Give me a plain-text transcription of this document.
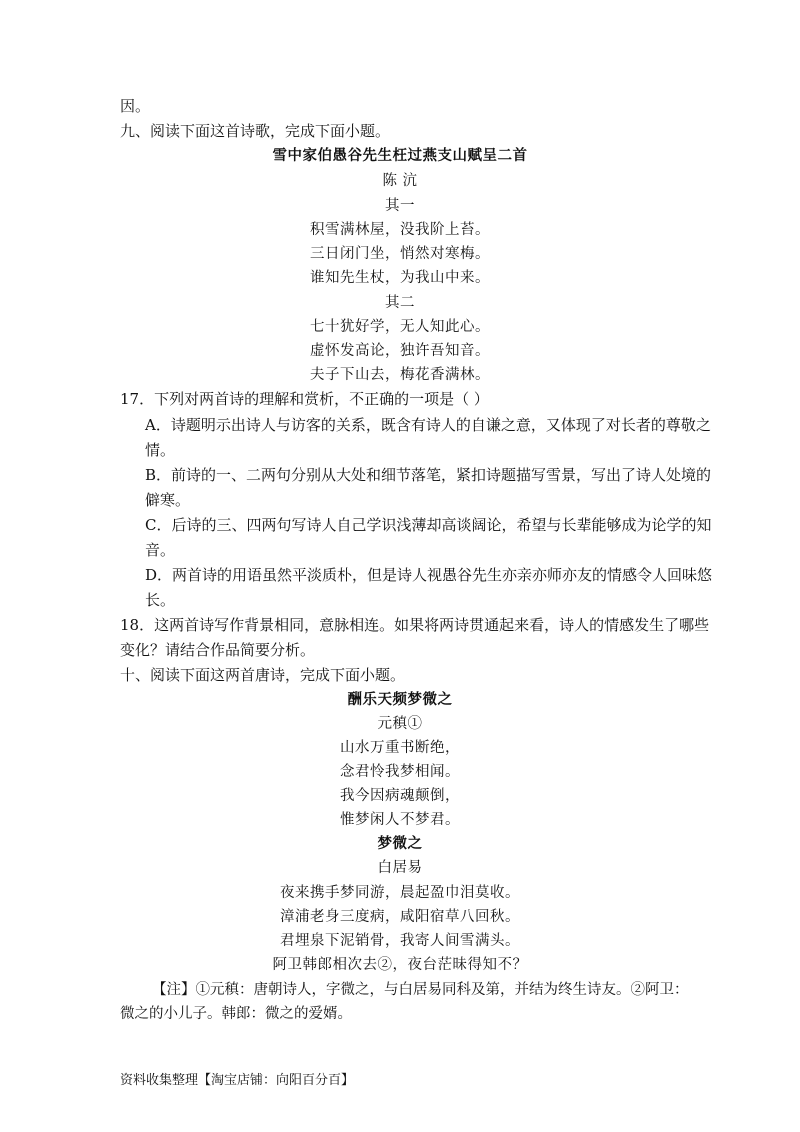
因。
九、阅读下面这首诗歌，完成下面小题。
雪中家伯愚谷先生枉过燕支山赋呈二首
陈 沆
其一
积雪满林屋，没我阶上苔。
三日闭门坐，悄然对寒梅。
谁知先生杖，为我山中来。
其二
七十犹好学，无人知此心。
虚怀发高论，独许吾知音。
夫子下山去，梅花香满林。
17．下列对两首诗的理解和赏析，不正确的一项是（ ）
A．诗题明示出诗人与访客的关系，既含有诗人的自谦之意，又体现了对长者的尊敬之
情。
B．前诗的一、二两句分别从大处和细节落笔，紧扣诗题描写雪景，写出了诗人处境的
僻寒。
C．后诗的三、四两句写诗人自己学识浅薄却高谈阔论，希望与长辈能够成为论学的知
音。
D．两首诗的用语虽然平淡质朴，但是诗人视愚谷先生亦亲亦师亦友的情感令人回味悠
长。
18．这两首诗写作背景相同，意脉相连。如果将两诗贯通起来看，诗人的情感发生了哪些
变化？请结合作品简要分析。
十、阅读下面这两首唐诗，完成下面小题。
酬乐天频梦微之
元稹①
山水万重书断绝，
念君怜我梦相闻。
我今因病魂颠倒，
惟梦闲人不梦君。
梦微之
白居易
夜来携手梦同游，晨起盈巾泪莫收。
漳浦老身三度病，咸阳宿草八回秋。
君埋泉下泥销骨，我寄人间雪满头。
阿卫韩郎相次去②，夜台茫昧得知不？
【注】①元稹：唐朝诗人，字微之，与白居易同科及第，并结为终生诗友。②阿卫：
微之的小儿子。韩郎：微之的爱婿。
资料收集整理【淘宝店铺：向阳百分百】
